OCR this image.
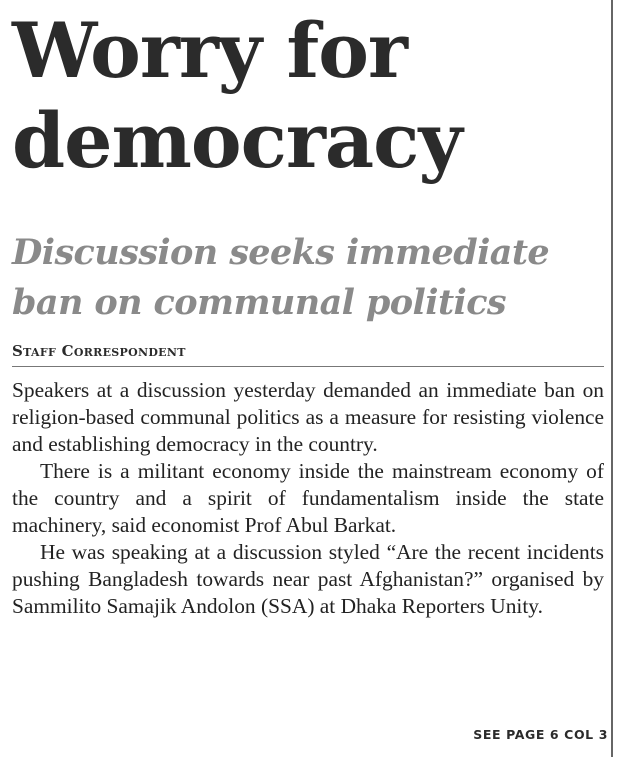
Worry for
democracy
Discussion seeks immediate
ban on communal politics
Staff Correspondent

Speakers at a discussion yesterday demanded an immediate ban on religion-based communal politics as a measure for resisting violence and establishing democracy in the country.

There is a militant economy inside the mainstream economy of the country and a spirit of fundamentalism inside the state machinery, said economist Prof Abul Barkat.

He was speaking at a discussion styled “Are the recent incidents pushing Bangladesh towards near past Afghanistan?” organised by Sammilito Samajik Andolon (SSA) at Dhaka Reporters Unity.

SEE PAGE 6 COL 3
